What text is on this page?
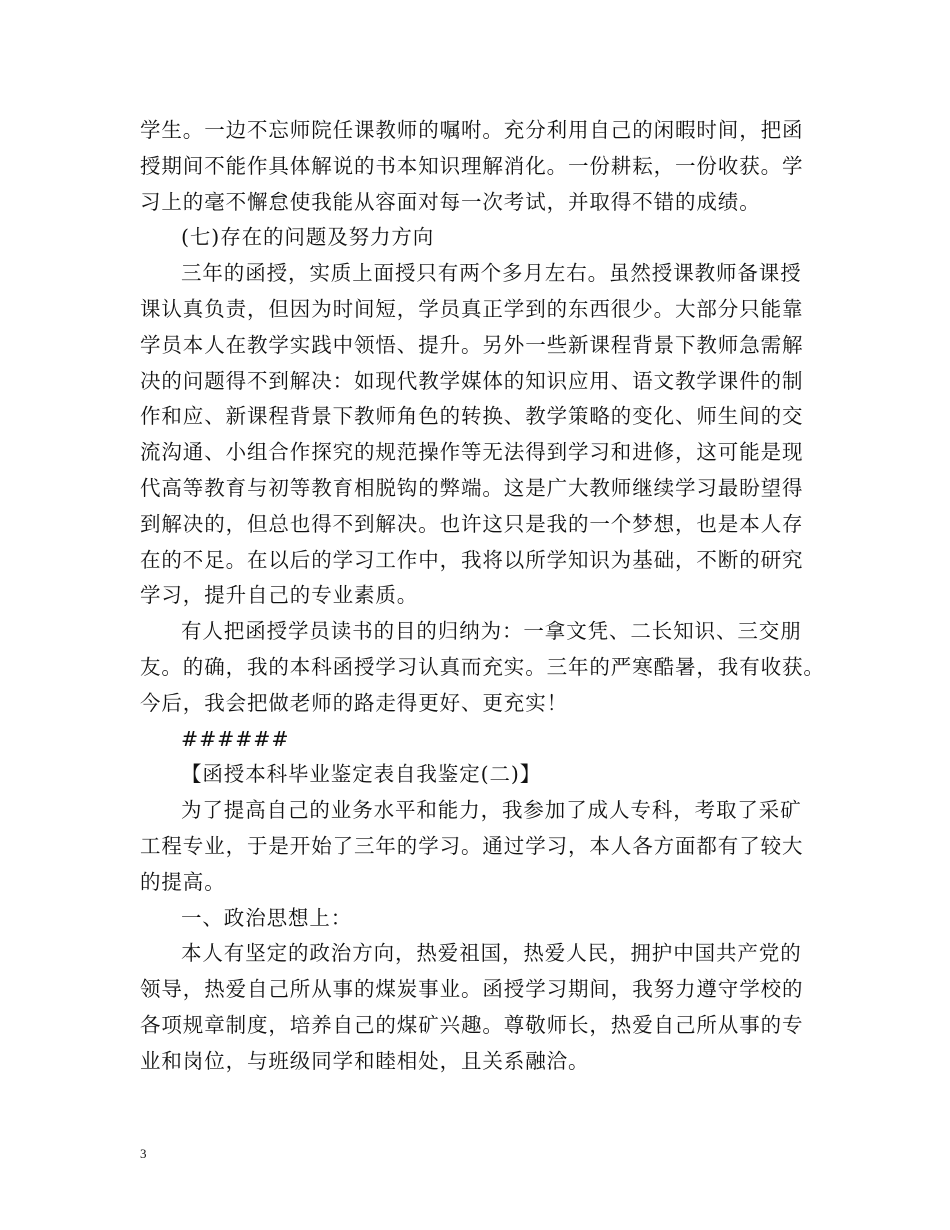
学生。一边不忘师院任课教师的嘱咐。充分利用自己的闲暇时间，把函
授期间不能作具体解说的书本知识理解消化。一份耕耘，一份收获。学
习上的毫不懈怠使我能从容面对每一次考试，并取得不错的成绩。
(七)存在的问题及努力方向
三年的函授，实质上面授只有两个多月左右。虽然授课教师备课授
课认真负责，但因为时间短，学员真正学到的东西很少。大部分只能靠
学员本人在教学实践中领悟、提升。另外一些新课程背景下教师急需解
决的问题得不到解决：如现代教学媒体的知识应用、语文教学课件的制
作和应、新课程背景下教师角色的转换、教学策略的变化、师生间的交
流沟通、小组合作探究的规范操作等无法得到学习和进修，这可能是现
代高等教育与初等教育相脱钩的弊端。这是广大教师继续学习最盼望得
到解决的，但总也得不到解决。也许这只是我的一个梦想，也是本人存
在的不足。在以后的学习工作中，我将以所学知识为基础，不断的研究
学习，提升自己的专业素质。
有人把函授学员读书的目的归纳为：一拿文凭、二长知识、三交朋
友。的确，我的本科函授学习认真而充实。三年的严寒酷暑，我有收获。
今后，我会把做老师的路走得更好、更充实！
######
【函授本科毕业鉴定表自我鉴定(二)】
为了提高自己的业务水平和能力，我参加了成人专科，考取了采矿
工程专业，于是开始了三年的学习。通过学习，本人各方面都有了较大
的提高。
一、政治思想上：
本人有坚定的政治方向，热爱祖国，热爱人民，拥护中国共产党的
领导，热爱自己所从事的煤炭事业。函授学习期间，我努力遵守学校的
各项规章制度，培养自己的煤矿兴趣。尊敬师长，热爱自己所从事的专
业和岗位，与班级同学和睦相处，且关系融洽。
3
